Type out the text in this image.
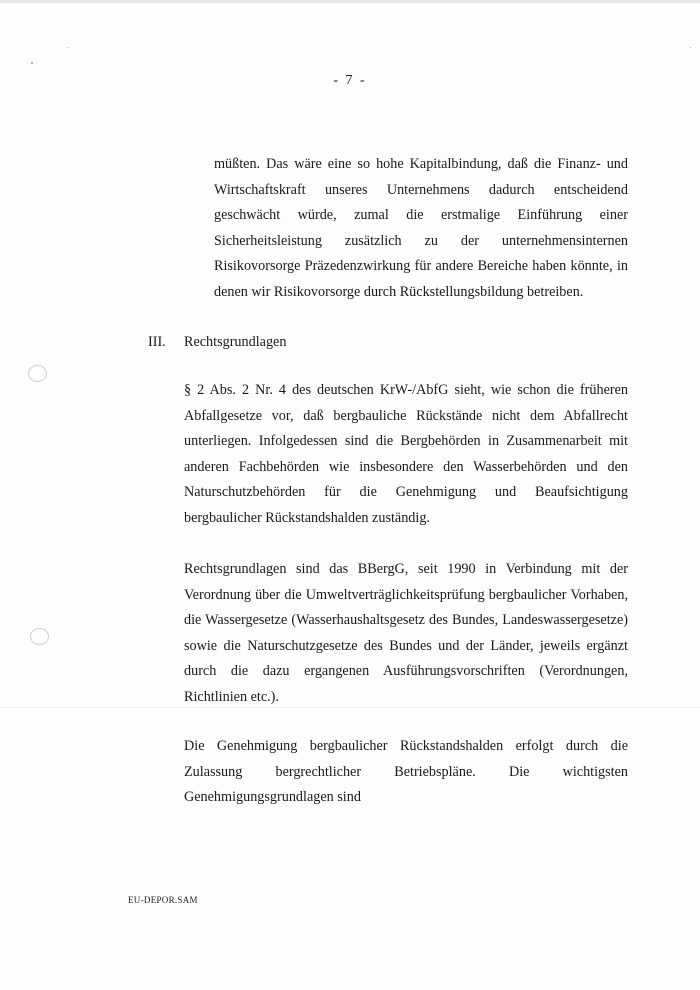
- 7 -

müßten. Das wäre eine so hohe Kapitalbindung, daß die Finanz- und Wirtschaftskraft unseres Unternehmens dadurch entscheidend geschwächt würde, zumal die erstmalige Einführung einer Sicherheitsleistung zusätzlich zu der unternehmensinternen Risikovorsorge Präzedenzwirkung für andere Bereiche haben könnte, in denen wir Risikovorsorge durch Rückstellungsbildung betreiben.

III. Rechtsgrundlagen

§ 2 Abs. 2 Nr. 4 des deutschen KrW-/AbfG sieht, wie schon die früheren Abfallgesetze vor, daß bergbauliche Rückstände nicht dem Abfallrecht unterliegen. Infolgedessen sind die Bergbehörden in Zusammenarbeit mit anderen Fachbehörden wie insbesondere den Wasserbehörden und den Naturschutzbehörden für die Genehmigung und Beaufsichtigung bergbaulicher Rückstandshalden zuständig.

Rechtsgrundlagen sind das BBergG, seit 1990 in Verbindung mit der Verordnung über die Umweltverträglichkeitsprüfung bergbaulicher Vorhaben, die Wassergesetze (Wasserhaushaltsgesetz des Bundes, Landeswassergesetze) sowie die Naturschutzgesetze des Bundes und der Länder, jeweils ergänzt durch die dazu ergangenen Ausführungsvorschriften (Verordnungen, Richtlinien etc.).

Die Genehmigung bergbaulicher Rückstandshalden erfolgt durch die Zulassung bergrechtlicher Betriebspläne. Die wichtigsten Genehmigungsgrundlagen sind

EU-DEPOR.SAM
